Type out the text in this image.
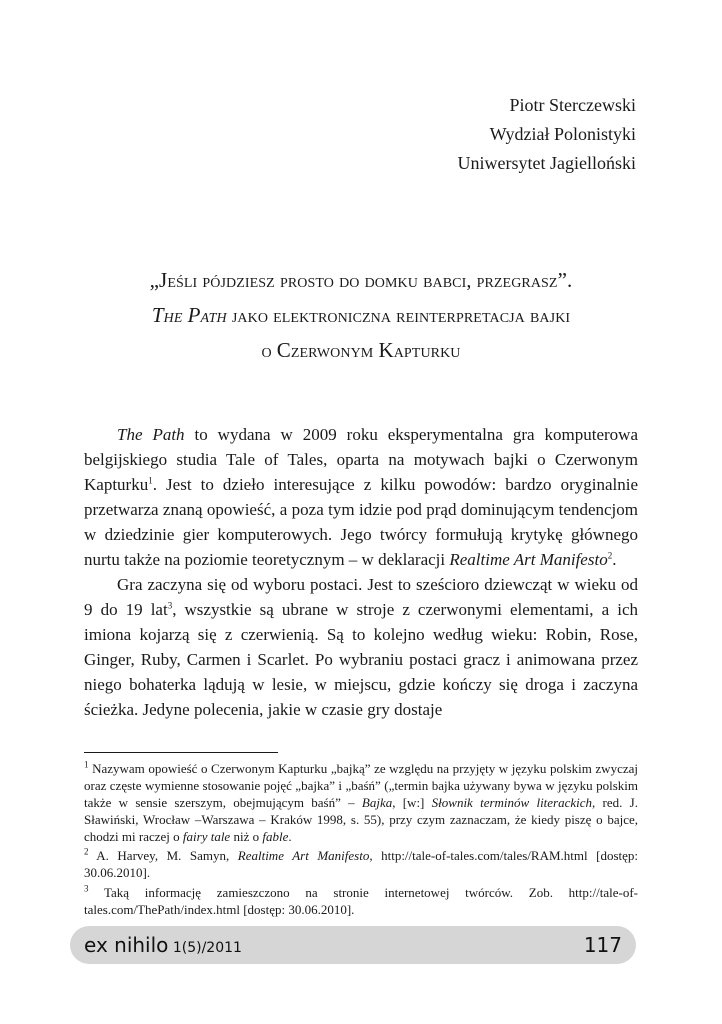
Piotr Sterczewski
Wydział Polonistyki
Uniwersytet Jagielloński
„Jeśli pójdziesz prosto do domku babci, przegrasz”.
The Path jako elektroniczna reinterpretacja bajki
o Czerwonym Kapturku

The Path to wydana w 2009 roku eksperymentalna gra komputerowa belgijskiego studia Tale of Tales, oparta na motywach bajki o Czerwonym Kapturku$^1$. Jest to dzieło interesujące z kilku powodów: bardzo oryginalnie przetwarza znaną opowieść, a poza tym idzie pod prąd dominującym tendencjom w dziedzinie gier komputerowych. Jego twórcy formułują krytykę głównego nurtu także na poziomie teoretycznym – w deklaracji Realtime Art Manifesto$^2$.

Gra zaczyna się od wyboru postaci. Jest to sześcioro dziewcząt w wieku od 9 do 19 lat$^3$, wszystkie są ubrane w stroje z czerwonymi elementami, a ich imiona kojarzą się z czerwienią. Są to kolejno według wieku: Robin, Rose, Ginger, Ruby, Carmen i Scarlet. Po wybraniu postaci gracz i animowana przez niego bohaterka lądują w lesie, w miejscu, gdzie kończy się droga i zaczyna ścieżka. Jedyne polecenia, jakie w czasie gry dostaje

$^1$ Nazywam opowieść o Czerwonym Kapturku „bajką” ze względu na przyjęty w języku polskim zwyczaj oraz częste wymienne stosowanie pojęć „bajka” i „baśń” („termin bajka używany bywa w języku polskim także w sensie szerszym, obejmującym baśń” – Bajka, [w:] Słownik terminów literackich, red. J. Sławiński, Wrocław –Warszawa – Kraków 1998, s. 55), przy czym zaznaczam, że kiedy piszę o bajce, chodzi mi raczej o fairy tale niż o fable.

$^2$ A. Harvey, M. Samyn, Realtime Art Manifesto, http://tale-of-tales.com/tales/RAM.html [dostęp: 30.06.2010].

$^3$ Taką informację zamieszczono na stronie internetowej twórców. Zob. http://tale-of-tales.com/ThePath/index.html [dostęp: 30.06.2010].

ex nihilo 1(5)/2011	117
